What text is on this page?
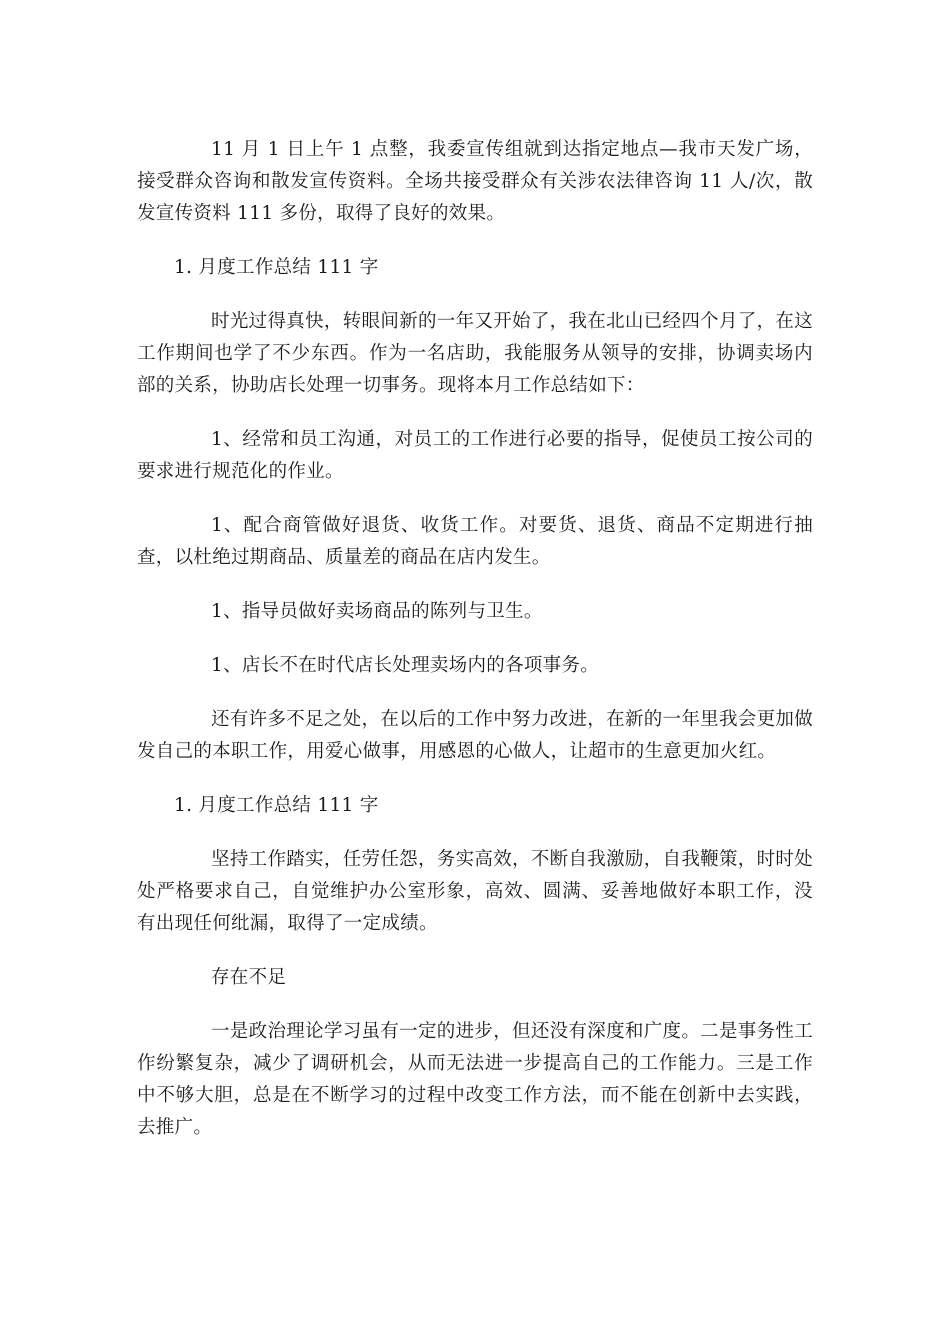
11 月 1 日上午 1 点整，我委宣传组就到达指定地点—我市天发广场，接受群众咨询和散发宣传资料。全场共接受群众有关涉农法律咨询 11 人/次，散发宣传资料 111 多份，取得了良好的效果。

1. 月度工作总结 111 字

时光过得真快，转眼间新的一年又开始了，我在北山已经四个月了，在这工作期间也学了不少东西。作为一名店助，我能服务从领导的安排，协调卖场内部的关系，协助店长处理一切事务。现将本月工作总结如下：

1、经常和员工沟通，对员工的工作进行必要的指导，促使员工按公司的要求进行规范化的作业。

1、配合商管做好退货、收货工作。对要货、退货、商品不定期进行抽查，以杜绝过期商品、质量差的商品在店内发生。

1、指导员做好卖场商品的陈列与卫生。

1、店长不在时代店长处理卖场内的各项事务。

还有许多不足之处，在以后的工作中努力改进，在新的一年里我会更加做发自己的本职工作，用爱心做事，用感恩的心做人，让超市的生意更加火红。

1. 月度工作总结 111 字

坚持工作踏实，任劳任怨，务实高效，不断自我激励，自我鞭策，时时处处严格要求自己，自觉维护办公室形象，高效、圆满、妥善地做好本职工作，没有出现任何纰漏，取得了一定成绩。

存在不足

一是政治理论学习虽有一定的进步，但还没有深度和广度。二是事务性工作纷繁复杂，减少了调研机会，从而无法进一步提高自己的工作能力。三是工作中不够大胆，总是在不断学习的过程中改变工作方法，而不能在创新中去实践，去推广。
